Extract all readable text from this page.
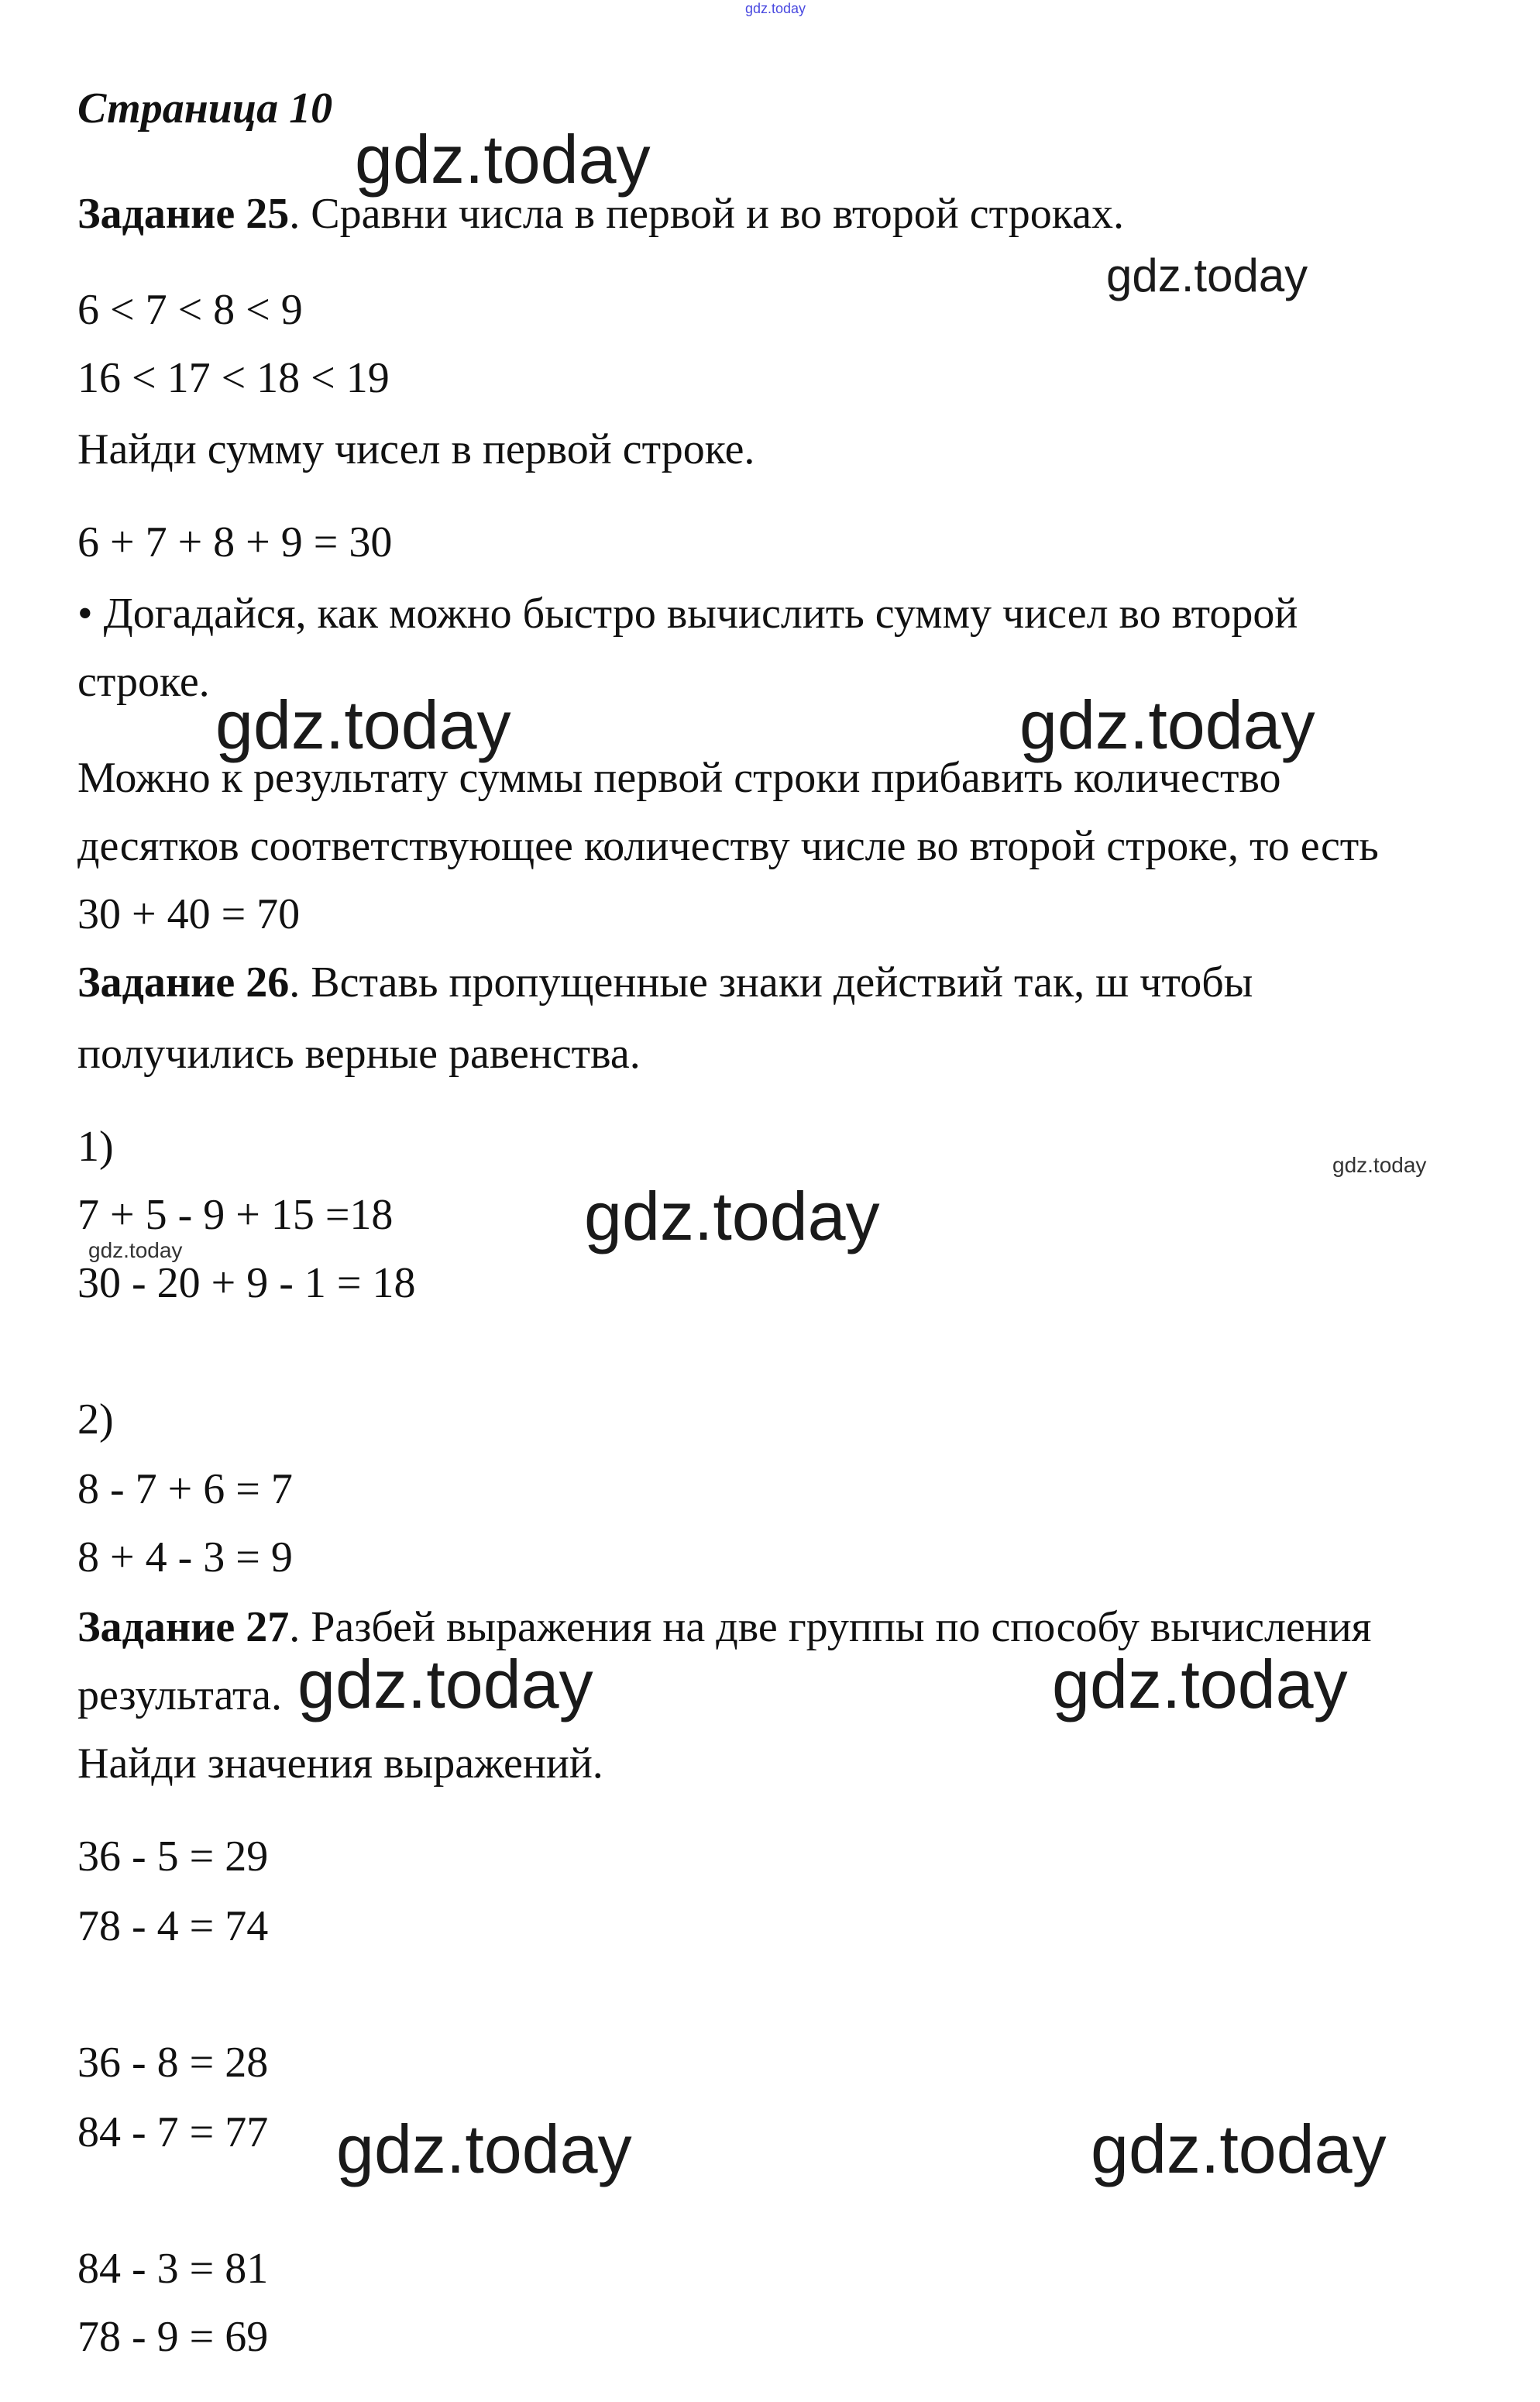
gdz.today
Страница 10
gdz.today
Задание 25. Сравни числа в первой и во второй строках.
gdz.today
6 < 7 < 8 < 9
16 < 17 < 18 < 19
Найди сумму чисел в первой строке.
6 + 7 + 8 + 9 = 30
• Догадайся, как можно быстро вычислить сумму чисел во второй
строке.
gdz.today	gdz.today
Можно к результату суммы первой строки прибавить количество
десятков соответствующее количеству числе во второй строке, то есть
30 + 40 = 70
Задание 26. Вставь пропущенные знаки действий так, ш чтобы
получились верные равенства.
1)	gdz.today
7 + 5 - 9 + 15 =18	gdz.today
gdz.today
30 - 20 + 9 - 1 = 18
2)
8 - 7 + 6 = 7
8 + 4 - 3 = 9
Задание 27. Разбей выражения на две группы по способу вычисления
результата. gdz.today	gdz.today
Найди значения выражений.
36 - 5 = 29
78 - 4 = 74
36 - 8 = 28
84 - 7 = 77 gdz.today	gdz.today
84 - 3 = 81
78 - 9 = 69
